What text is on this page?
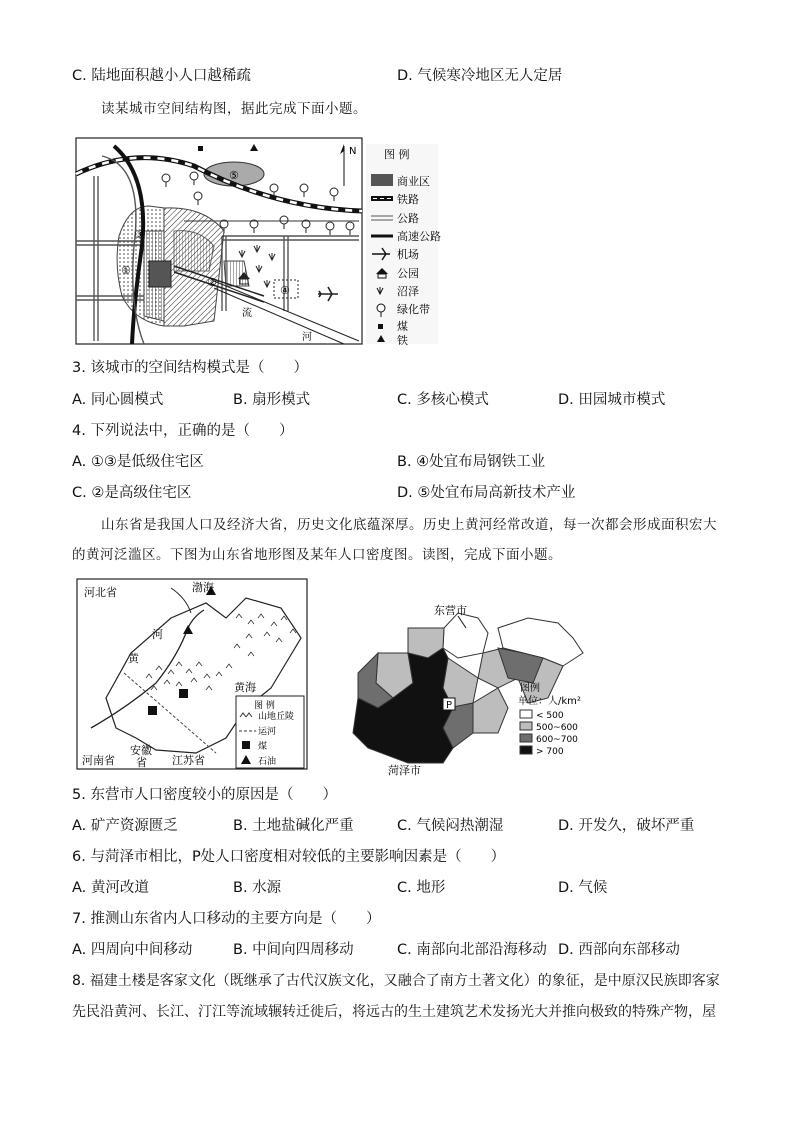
C. 陆地面积越小人口越稀疏	D. 气候寒冷地区无人定居
读某城市空间结构图，据此完成下面小题。
N
⑤
①
②
③
④
流
河
图 例
商业区
铁路
公路
高速公路
机场
公园
沼泽
绿化带
煤
铁
3. 该城市的空间结构模式是（　　）
A. 同心圆模式	B. 扇形模式	C. 多核心模式	D. 田园城市模式
4. 下列说法中，正确的是（　　）
A. ①③是低级住宅区	B. ④处宜布局钢铁工业
C. ②是高级住宅区	D. ⑤处宜布局高新技术产业
山东省是我国人口及经济大省，历史文化底蕴深厚。历史上黄河经常改道，每一次都会形成面积宏大
的黄河泛滥区。下图为山东省地形图及某年人口密度图。读图，完成下面小题。
河北省	渤海
河
黄
黄海
河南省
安徽
省 江苏省
图 例
山地丘陵
运河
煤
石油
P
东营市
菏泽市
图例
单位：人/km²
< 500
500~600
600~700
> 700
5. 东营市人口密度较小的原因是（　　）
A. 矿产资源匮乏	B. 土地盐碱化严重	C. 气候闷热潮湿	D. 开发久，破坏严重
6. 与菏泽市相比，P处人口密度相对较低的主要影响因素是（　　）
A. 黄河改道	B. 水源	C. 地形	D. 气候
7. 推测山东省内人口移动的主要方向是（　　）
A. 四周向中间移动	B. 中间向四周移动	C. 南部向北部沿海移动 D. 西部向东部移动
8. 福建土楼是客家文化（既继承了古代汉族文化，又融合了南方土著文化）的象征，是中原汉民族即客家
先民沿黄河、长江、汀江等流域辗转迁徙后，将远古的生土建筑艺术发扬光大并推向极致的特殊产物，屋
